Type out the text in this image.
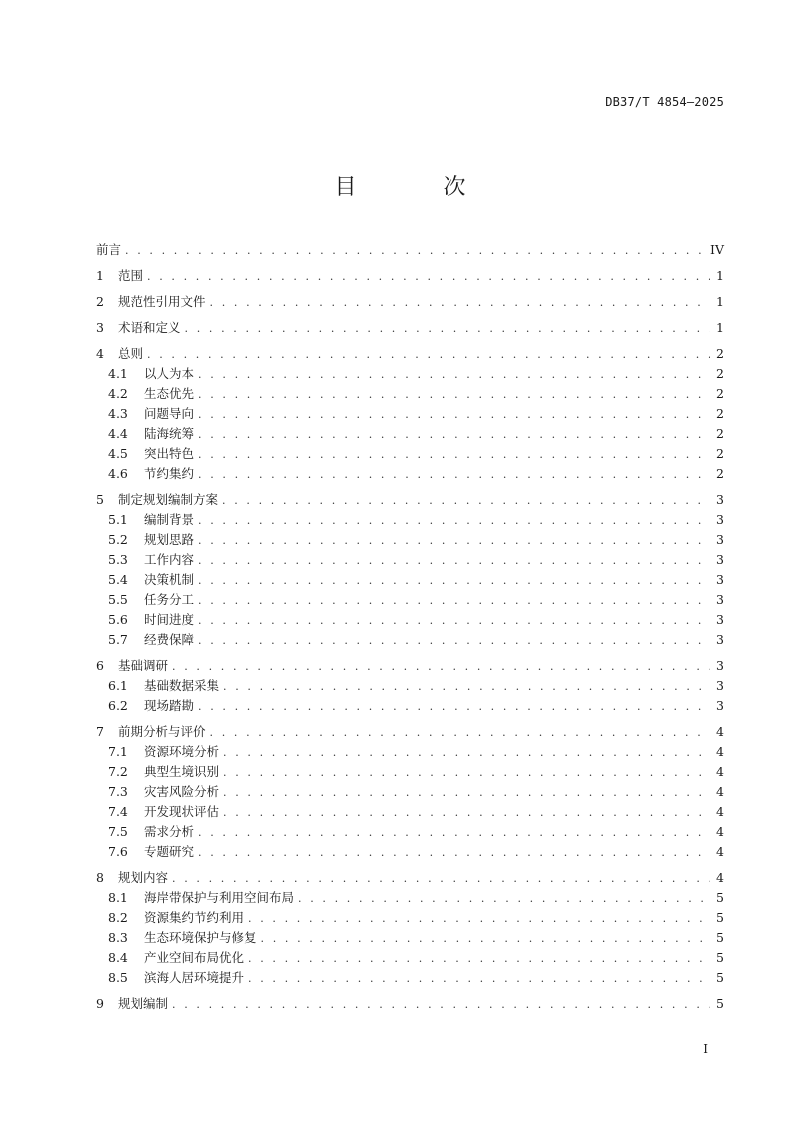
DB37/T 4854—2025
目 次
前言 . . .	IV
1	范围 . . .	1
2	规范性引用文件 . . .	1
3	术语和定义 . . .	1
4	总则 . . .	2
4.1	以人为本 . . .	2
4.2	生态优先 . . .	2
4.3	问题导向 . . .	2
4.4	陆海统筹 . . .	2
4.5	突出特色 . . .	2
4.6	节约集约 . . .	2
5	制定规划编制方案 . . .	3
5.1	编制背景 . . .	3
5.2	规划思路 . . .	3
5.3	工作内容 . . .	3
5.4	决策机制 . . .	3
5.5	任务分工 . . .	3
5.6	时间进度 . . .	3
5.7	经费保障 . . .	3
6	基础调研 . . .	3
6.1	基础数据采集 . . .	3
6.2	现场踏勘 . . .	3
7	前期分析与评价 . . .	4
7.1	资源环境分析 . . .	4
7.2	典型生境识别 . . .	4
7.3	灾害风险分析 . . .	4
7.4	开发现状评估 . . .	4
7.5	需求分析 . . .	4
7.6	专题研究 . . .	4
8	规划内容 . . .	4
8.1	海岸带保护与利用空间布局 . . .	5
8.2	资源集约节约利用 . . .	5
8.3	生态环境保护与修复 . . .	5
8.4	产业空间布局优化 . . .	5
8.5	滨海人居环境提升 . . .	5
9	规划编制 . . .	5
I
